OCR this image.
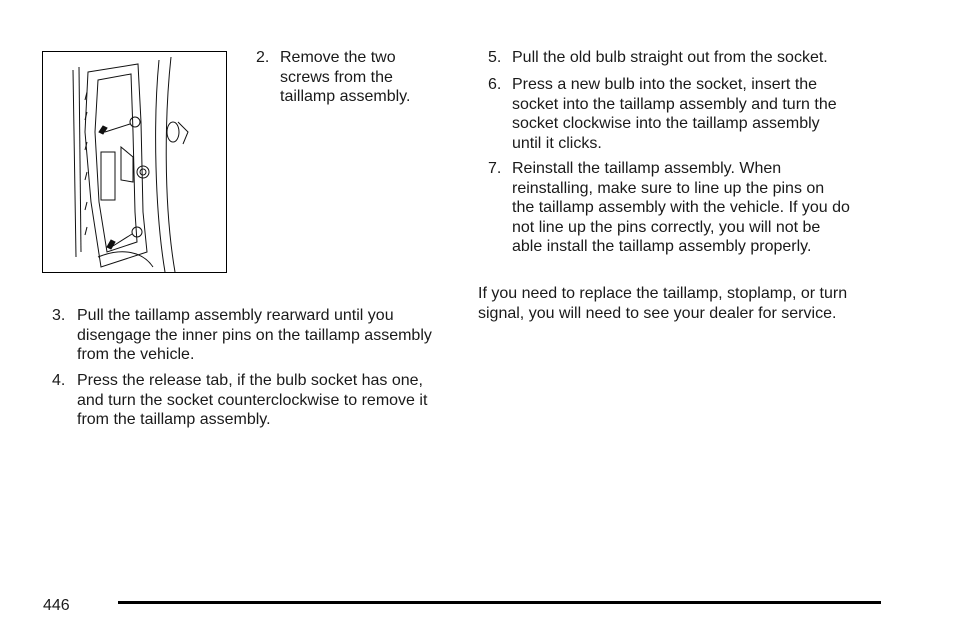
2. Remove the two screws from the taillamp assembly.
3. Pull the taillamp assembly rearward until you disengage the inner pins on the taillamp assembly from the vehicle.
4. Press the release tab, if the bulb socket has one, and turn the socket counterclockwise to remove it from the taillamp assembly.
5. Pull the old bulb straight out from the socket.
6. Press a new bulb into the socket, insert the socket into the taillamp assembly and turn the socket clockwise into the taillamp assembly until it clicks.
7. Reinstall the taillamp assembly. When reinstalling, make sure to line up the pins on the taillamp assembly with the vehicle. If you do not line up the pins correctly, you will not be able install the taillamp assembly properly.
If you need to replace the taillamp, stoplamp, or turn signal, you will need to see your dealer for service.
446
